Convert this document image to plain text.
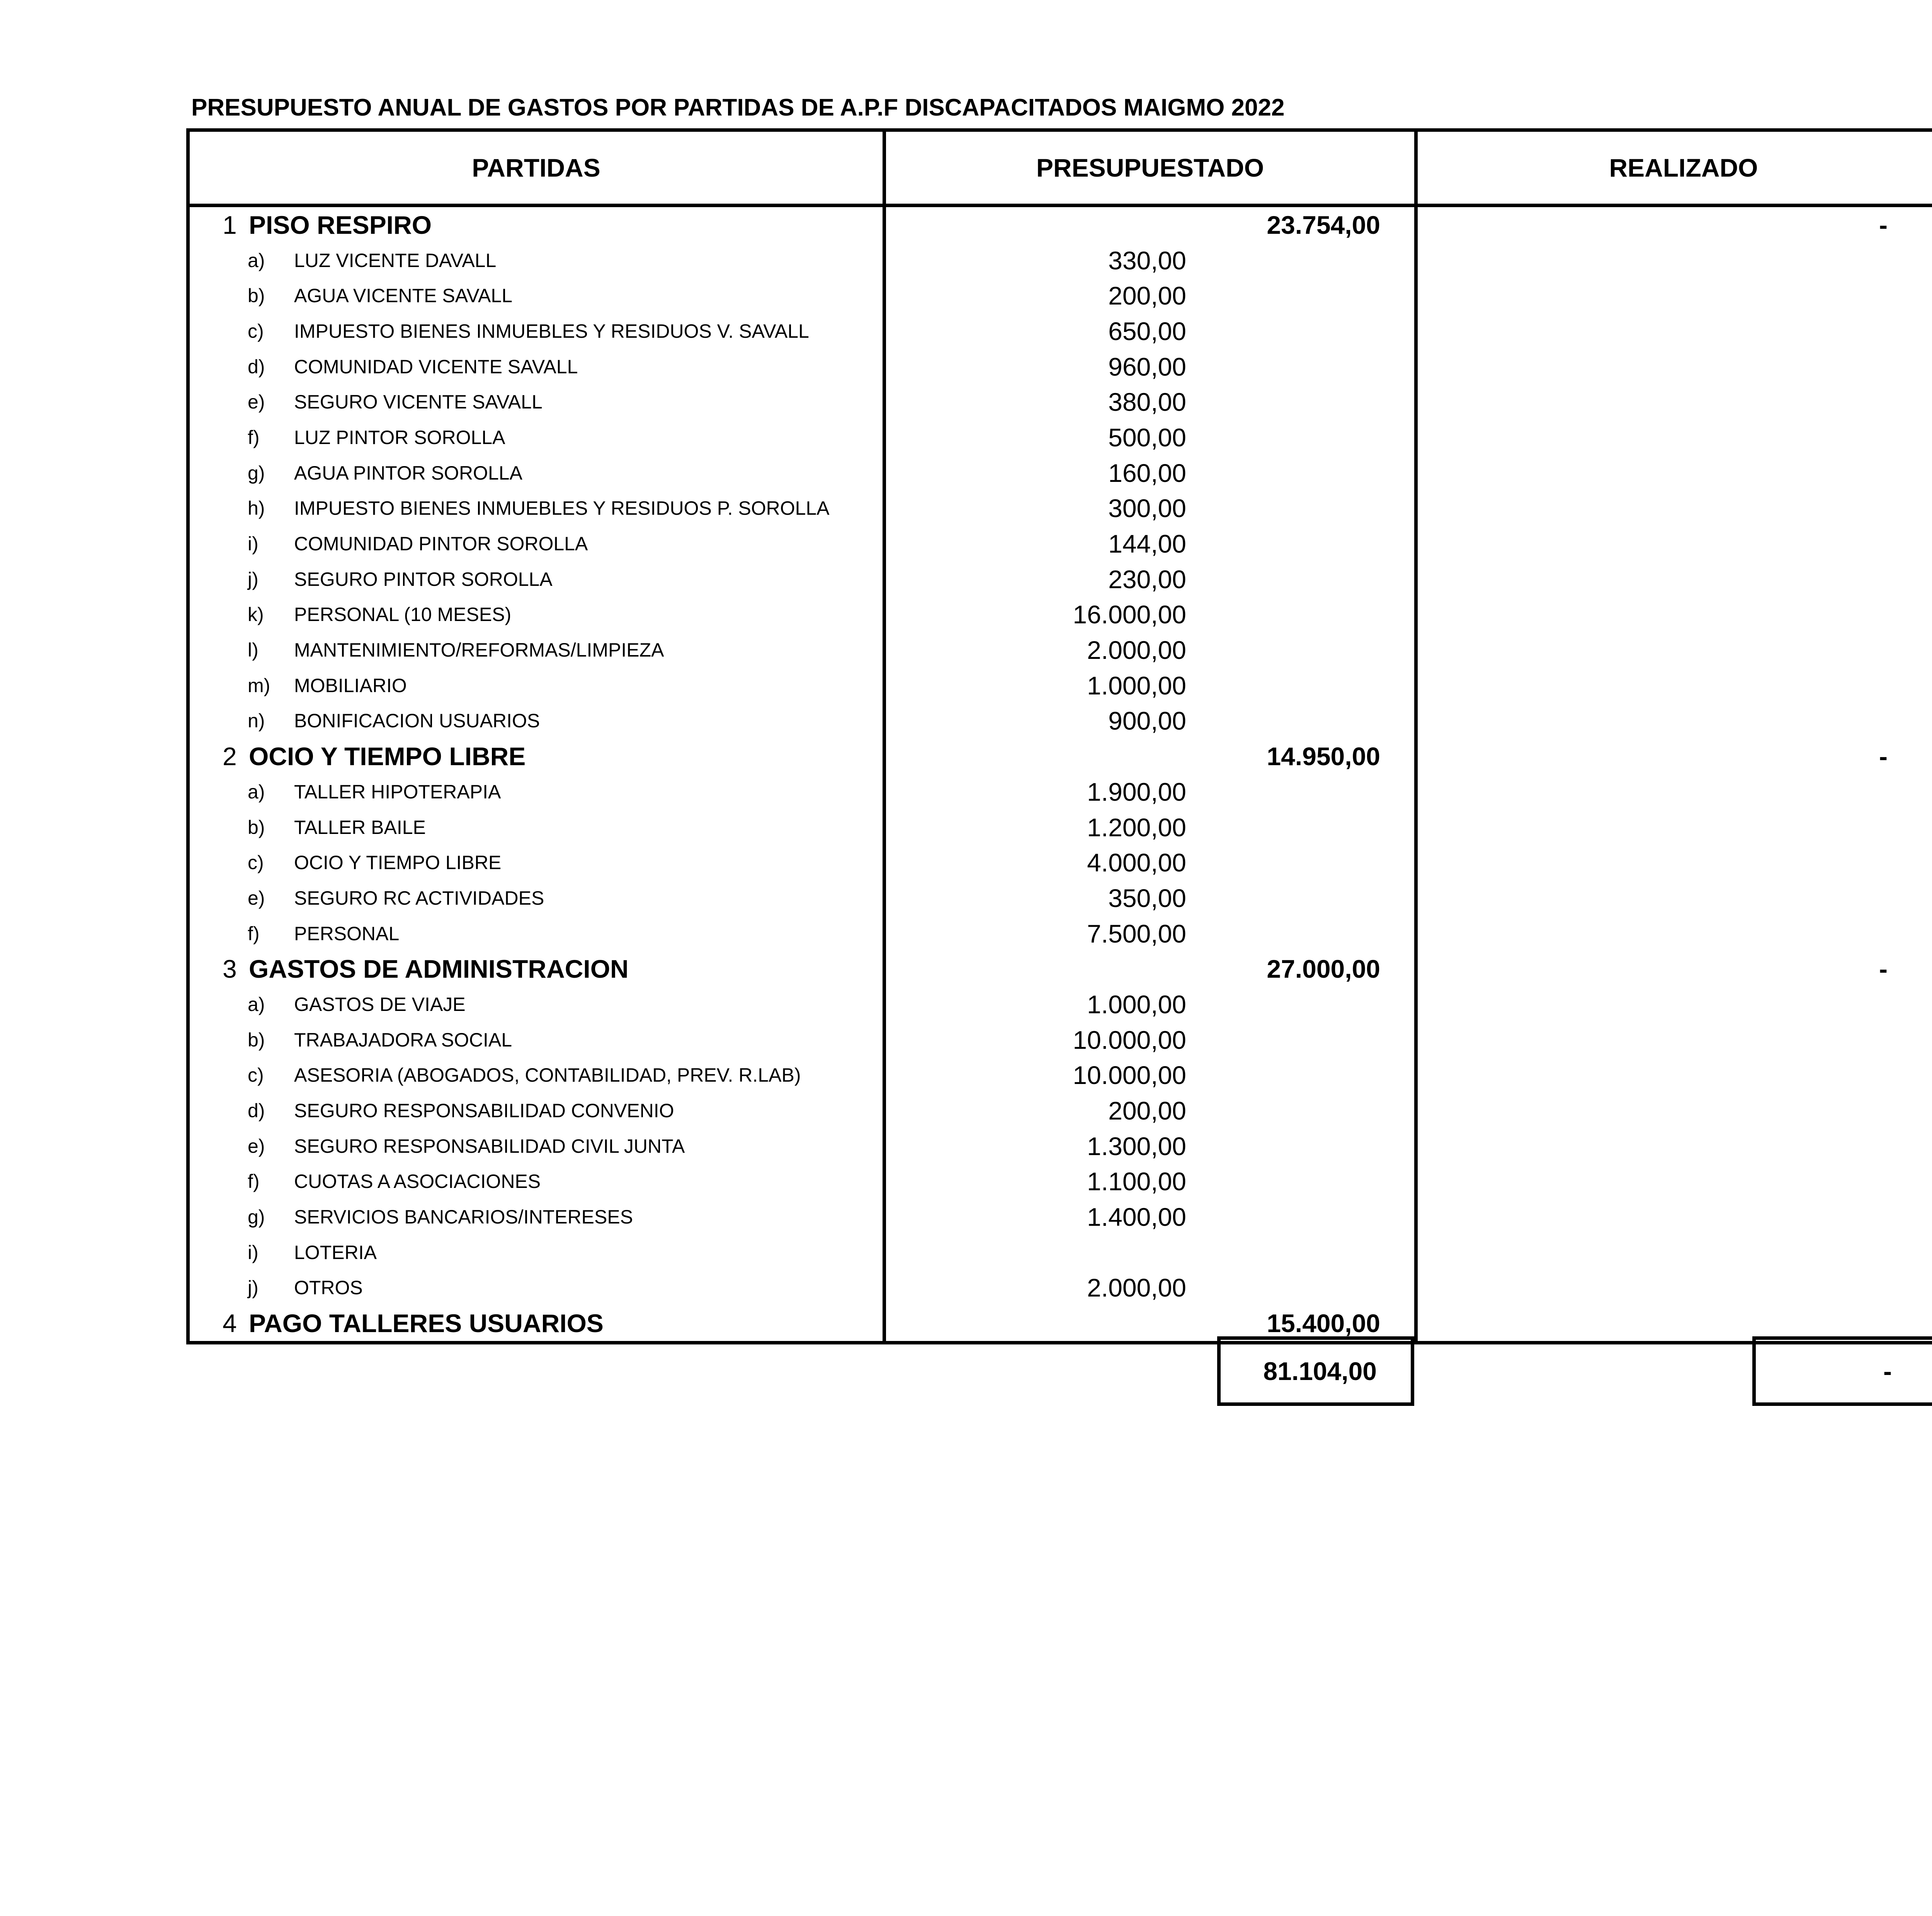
PRESUPUESTO ANUAL DE GASTOS POR PARTIDAS DE A.P.F DISCAPACITADOS MAIGMO 2022
PARTIDAS	PRESUPUESTADO	REALIZADO	

1 PISO RESPIRO	23.754,00	-

a) LUZ VICENTE DAVALL	330,00

b) AGUA VICENTE SAVALL	200,00

c) IMPUESTO BIENES INMUEBLES Y RESIDUOS V. SAVALL	650,00

d) COMUNIDAD VICENTE SAVALL	960,00

e) SEGURO VICENTE SAVALL	380,00

f) LUZ PINTOR SOROLLA	500,00

g) AGUA PINTOR SOROLLA	160,00

h) IMPUESTO BIENES INMUEBLES Y RESIDUOS P. SOROLLA	300,00

i) COMUNIDAD PINTOR SOROLLA	144,00

j) SEGURO PINTOR SOROLLA	230,00

k) PERSONAL (10 MESES)	16.000,00

l) MANTENIMIENTO/REFORMAS/LIMPIEZA	2.000,00

m) MOBILIARIO	1.000,00

n) BONIFICACION USUARIOS	900,00

2 OCIO Y TIEMPO LIBRE	14.950,00	-

a) TALLER HIPOTERAPIA	1.900,00

b) TALLER BAILE	1.200,00

c) OCIO Y TIEMPO LIBRE	4.000,00

e) SEGURO RC ACTIVIDADES	350,00

f) PERSONAL	7.500,00

3 GASTOS DE ADMINISTRACION	27.000,00	-

a) GASTOS DE VIAJE	1.000,00

b) TRABAJADORA SOCIAL	10.000,00

c) ASESORIA (ABOGADOS, CONTABILIDAD, PREV. R.LAB)	10.000,00

d) SEGURO RESPONSABILIDAD CONVENIO	200,00

e) SEGURO RESPONSABILIDAD CIVIL JUNTA	1.300,00

f) CUOTAS A ASOCIACIONES	1.100,00

g) SERVICIOS BANCARIOS/INTERESES	1.400,00

i) LOTERIA

j) OTROS	2.000,00

4 PAGO TALLERES USUARIOS	15.400,00

81.104,00	-
